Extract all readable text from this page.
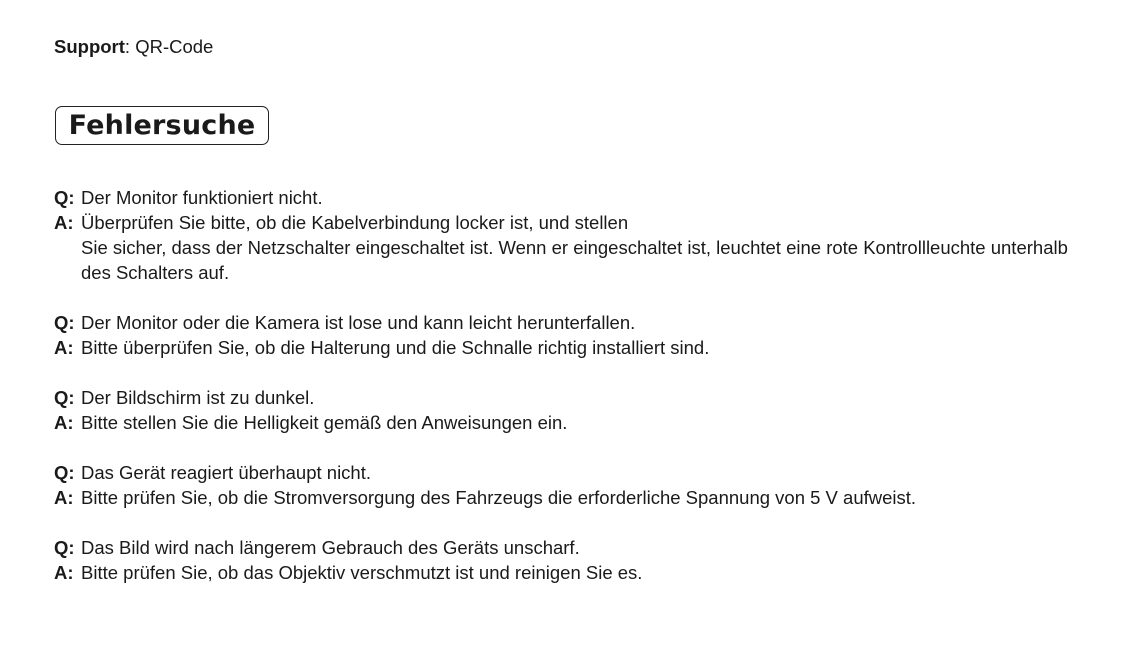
Support: QR-Code
Fehlersuche
Q: Der Monitor funktioniert nicht.
A: Überprüfen Sie bitte, ob die Kabelverbindung locker ist, und stellen
Sie sicher, dass der Netzschalter eingeschaltet ist. Wenn er eingeschaltet ist, leuchtet eine rote Kontrollleuchte unterhalb
des Schalters auf.
Q: Der Monitor oder die Kamera ist lose und kann leicht herunterfallen.
A: Bitte überprüfen Sie, ob die Halterung und die Schnalle richtig installiert sind.
Q: Der Bildschirm ist zu dunkel.
A: Bitte stellen Sie die Helligkeit gemäß den Anweisungen ein.
Q: Das Gerät reagiert überhaupt nicht.
A: Bitte prüfen Sie, ob die Stromversorgung des Fahrzeugs die erforderliche Spannung von 5 V aufweist.
Q: Das Bild wird nach längerem Gebrauch des Geräts unscharf.
A: Bitte prüfen Sie, ob das Objektiv verschmutzt ist und reinigen Sie es.
